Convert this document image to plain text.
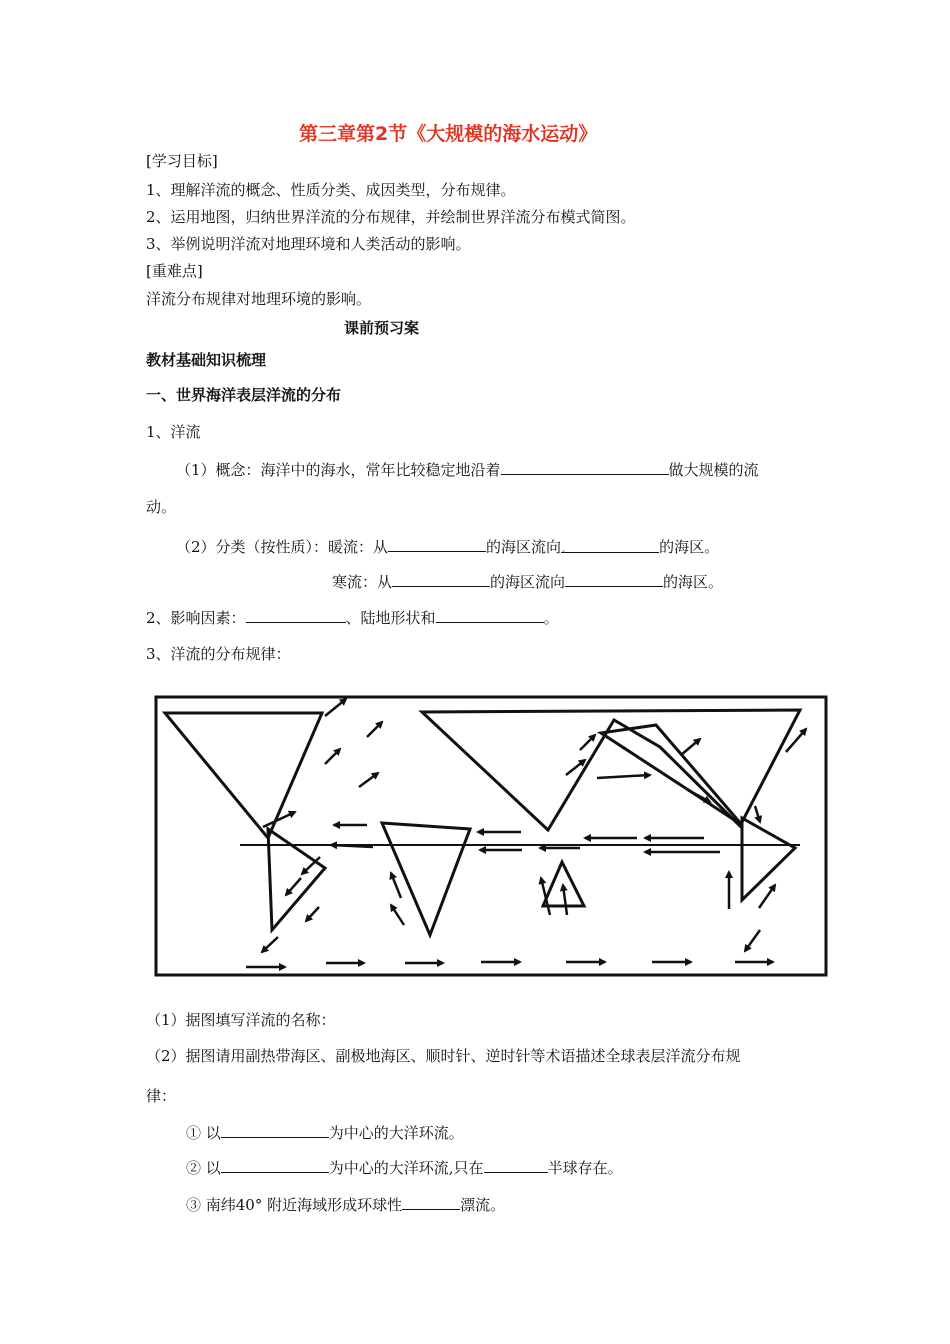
第三章第2节《大规模的海水运动》
[学习目标]
1、理解洋流的概念、性质分类、成因类型，分布规律。
2、运用地图，归纳世界洋流的分布规律，并绘制世界洋流分布模式简图。
3、举例说明洋流对地理环境和人类活动的影响。
[重难点]
洋流分布规律对地理环境的影响。
课前预习案
教材基础知识梳理
一、世界海洋表层洋流的分布
1、洋流
（1）概念：海洋中的海水，常年比较稳定地沿着	做大规模的流
动。
（2）分类（按性质）：暖流：从	的海区流向.	的海区。
寒流：从	的海区流向	的海区。
2、影响因素：	、陆地形状和	。
3、洋流的分布规律：
（1）据图填写洋流的名称：
（2）据图请用副热带海区、副极地海区、顺时针、逆时针等术语描述全球表层洋流分布规
律：
① 以	为中心的大洋环流。
② 以	为中心的大洋环流,只在	半球存在。
③ 南纬40° 附近海域形成环球性	漂流。
